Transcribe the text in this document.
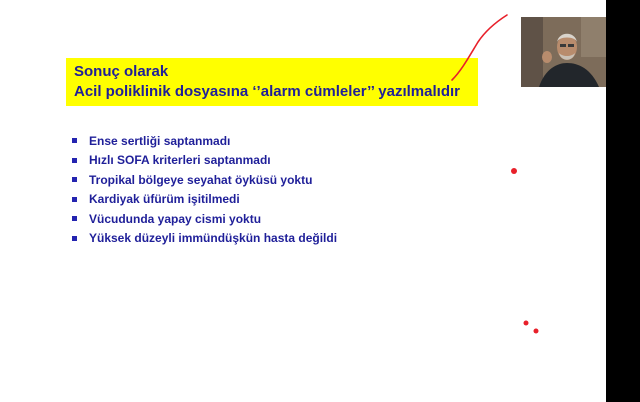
Sonuç olarak
Acil poliklinik dosyasına ‘’alarm cümleler’’ yazılmalıdır
Ense sertliği saptanmadı
Hızlı SOFA kriterleri saptanmadı
Tropikal bölgeye seyahat öyküsü yoktu
Kardiyak üfürüm işitilmedi
Vücudunda yapay cismi yoktu
Yüksek düzeyli immündüşkün hasta değildi
